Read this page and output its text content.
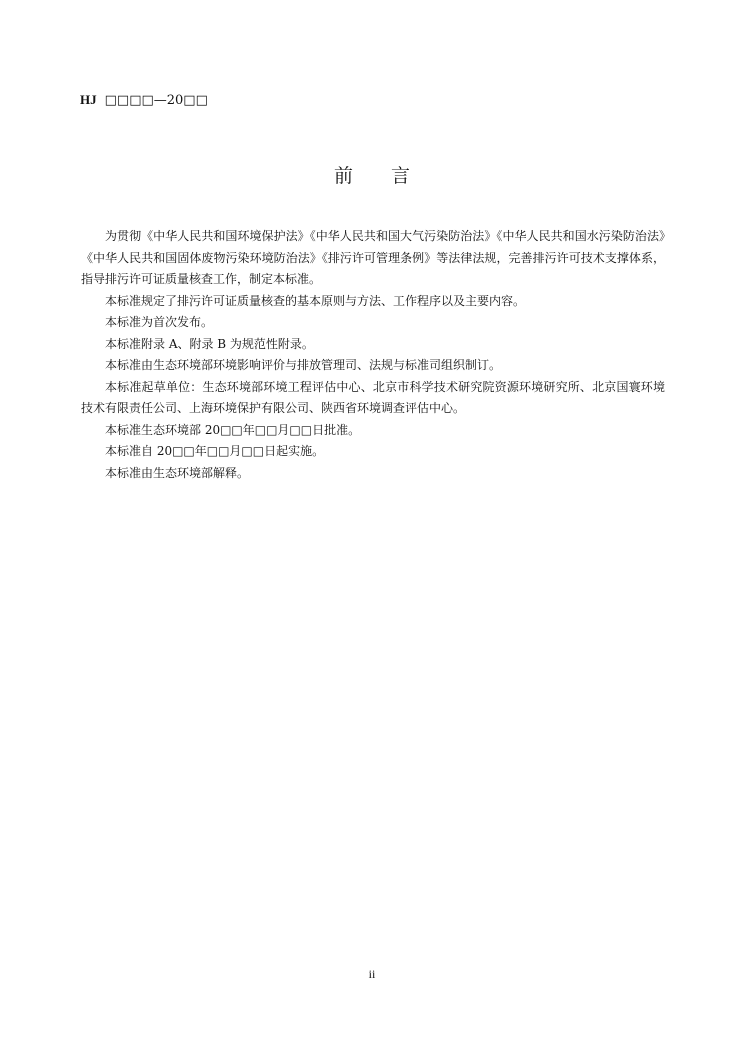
HJ □□□□—20□□
前 言

为贯彻《中华人民共和国环境保护法》《中华人民共和国大气污染防治法》《中华人民共和国水污染防治法》《中华人民共和国固体废物污染环境防治法》《排污许可管理条例》等法律法规，完善排污许可技术支撑体系，指导排污许可证质量核查工作，制定本标准。

本标准规定了排污许可证质量核查的基本原则与方法、工作程序以及主要内容。

本标准为首次发布。

本标准附录 A、附录 B 为规范性附录。

本标准由生态环境部环境影响评价与排放管理司、法规与标准司组织制订。

本标准起草单位：生态环境部环境工程评估中心、北京市科学技术研究院资源环境研究所、北京国寰环境技术有限责任公司、上海环境保护有限公司、陕西省环境调查评估中心。

本标准生态环境部 20□□年□□月□□日批准。

本标准自 20□□年□□月□□日起实施。

本标准由生态环境部解释。

ii
